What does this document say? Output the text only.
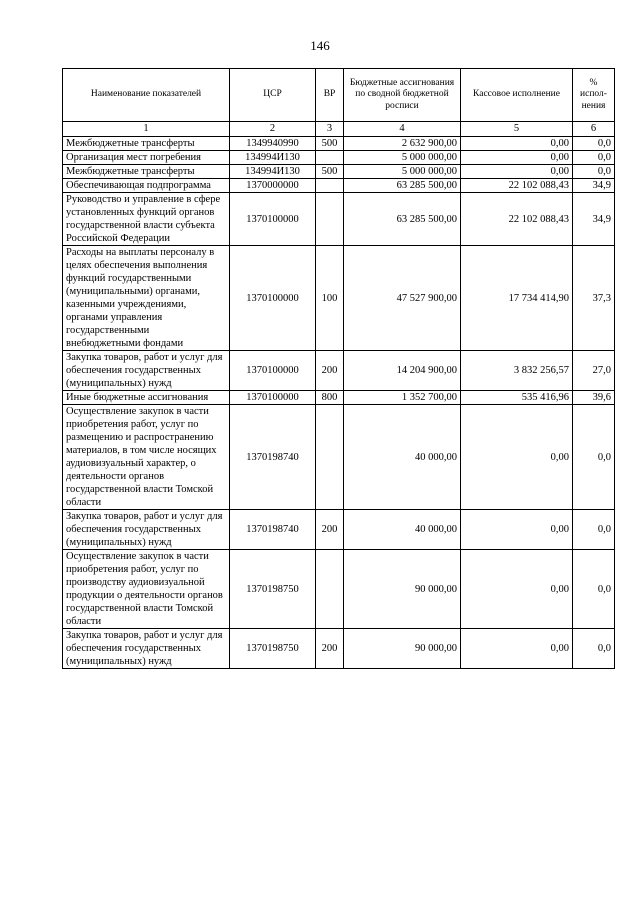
146
Наименование показателей	ЦСР	ВР	Бюджетные ассигнования по сводной бюджетной росписи	Кассовое исполнение	% испол-нения
1	2	3	4	5	6
Межбюджетные трансферты	1349940990	500	2 632 900,00	0,00	0,0
Организация мест погребения	134994И130		5 000 000,00	0,00	0,0
Межбюджетные трансферты	134994И130	500	5 000 000,00	0,00	0,0
Обеспечивающая подпрограмма	1370000000		63 285 500,00	22 102 088,43	34,9
Руководство и управление в сфере установленных функций органов государственной власти субъекта Российской Федерации	1370100000		63 285 500,00	22 102 088,43	34,9
Расходы на выплаты персоналу в целях обеспечения выполнения функций государственными (муниципальными) органами, казенными учреждениями, органами управления государственными внебюджетными фондами	1370100000	100	47 527 900,00	17 734 414,90	37,3
Закупка товаров, работ и услуг для обеспечения государственных (муниципальных) нужд	1370100000	200	14 204 900,00	3 832 256,57	27,0
Иные бюджетные ассигнования	1370100000	800	1 352 700,00	535 416,96	39,6
Осуществление закупок в части приобретения работ, услуг по размещению и распространению материалов, в том числе носящих аудиовизуальный характер, о деятельности органов государственной власти Томской области	1370198740		40 000,00	0,00	0,0
Закупка товаров, работ и услуг для обеспечения государственных (муниципальных) нужд	1370198740	200	40 000,00	0,00	0,0
Осуществление закупок в части приобретения работ, услуг по производству аудиовизуальной продукции о деятельности органов государственной власти Томской области	1370198750		90 000,00	0,00	0,0
Закупка товаров, работ и услуг для обеспечения государственных (муниципальных) нужд	1370198750	200	90 000,00	0,00	0,0
